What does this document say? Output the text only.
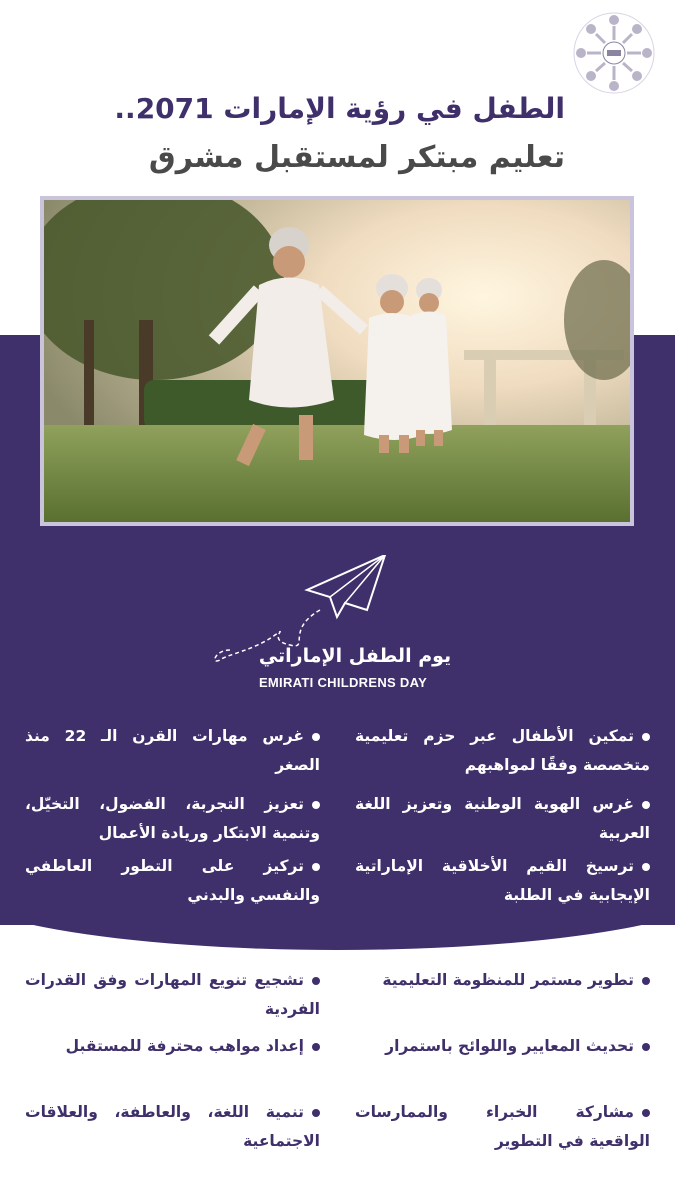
الطفل في رؤية الإمارات 2071..
تعليم مبتكر لمستقبل مشرق
يوم الطفل الإماراتي
EMIRATI CHILDRENS DAY
تمكين الأطفال عبر حزم تعليمية متخصصة وفقًا لمواهبهم
غرس الهوية الوطنية وتعزيز اللغة العربية
ترسيخ القيم الأخلاقية الإماراتية الإيجابية في الطلبة
غرس مهارات القرن الـ 22 منذ الصغر
تعزيز التجربة، الفضول، التخيّل، وتنمية الابتكار وريادة الأعمال
تركيز على التطور العاطفي والنفسي والبدني
تطوير مستمر للمنظومة التعليمية
تحديث المعايير واللوائح باستمرار
مشاركة الخبراء والممارسات الواقعية في التطوير
تشجيع تنويع المهارات وفق القدرات الفردية
إعداد مواهب محترفة للمستقبل
تنمية اللغة، والعاطفة، والعلاقات الاجتماعية
